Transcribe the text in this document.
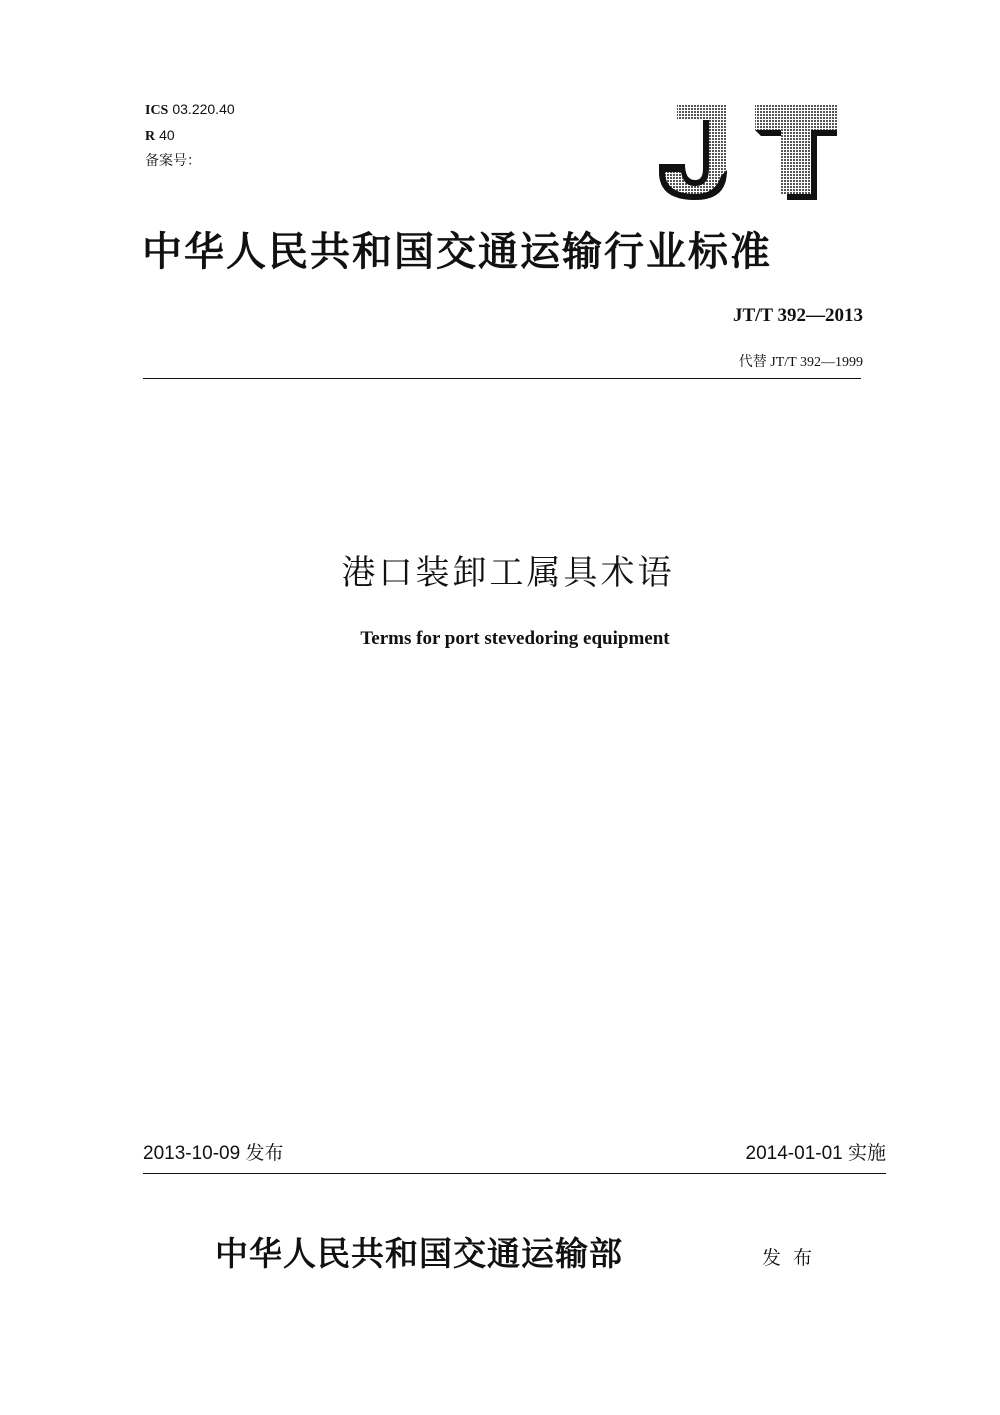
ICS 03.220.40
R 40
备案号：
JT
中华人民共和国交通运输行业标准
JT/T 392—2013
代替 JT/T 392—1999
港口装卸工属具术语
Terms for port stevedoring equipment
2013-10-09 发布	2014-01-01 实施
中华人民共和国交通运输部	发布
